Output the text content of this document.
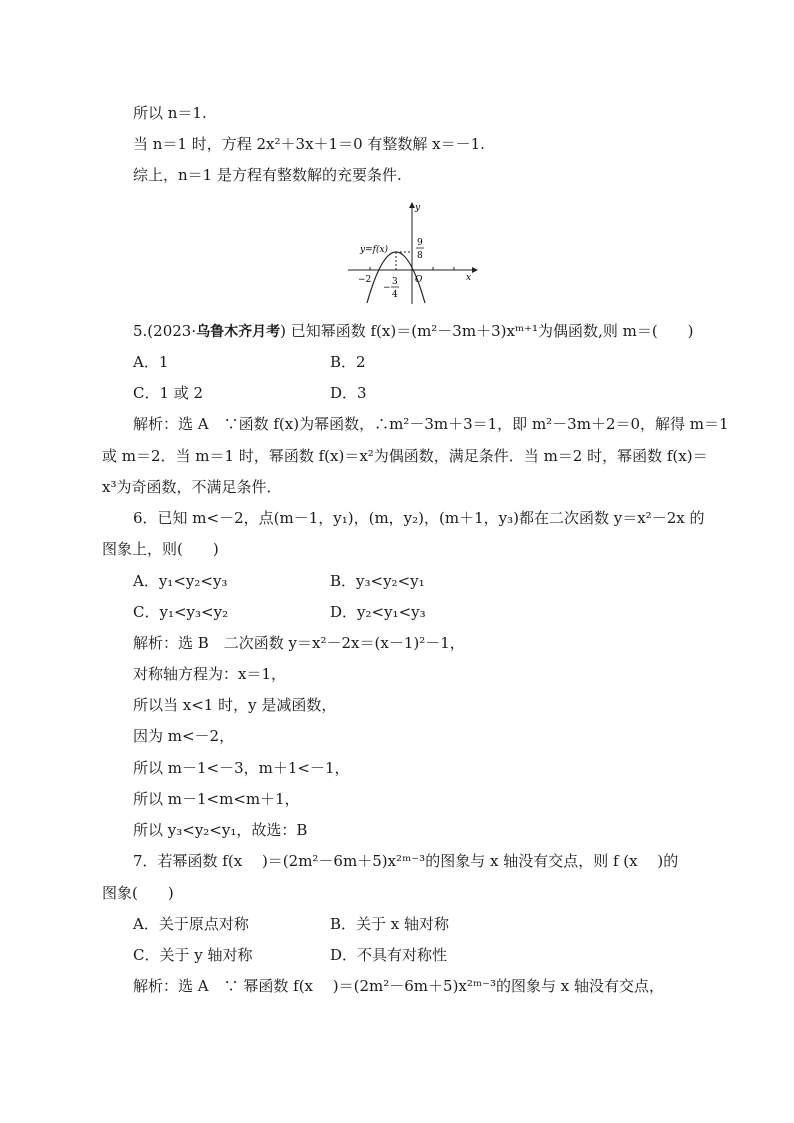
所以 n＝1.
当 n＝1 时，方程 2x²＋3x＋1＝0 有整数解 x＝－1.
综上，n＝1 是方程有整数解的充要条件.
y=f(x)
y
x
O
−2
9
8
−
3
4
5.(2023·乌鲁木齐月考) 已知幂函数 f(x)＝(m²－3m＋3)xᵐ⁺¹为偶函数,则 m＝(　　)
A．1	B．2
C．1 或 2	D．3
解析：选 A　∵函数 f(x)为幂函数，∴m²－3m＋3＝1，即 m²－3m＋2＝0，解得 m＝1
或 m＝2．当 m＝1 时，幂函数 f(x)＝x²为偶函数，满足条件．当 m＝2 时，幂函数 f(x)＝
x³为奇函数，不满足条件．
6．已知 m<－2，点(m－1，y₁)，(m，y₂)，(m＋1，y₃)都在二次函数 y＝x²－2x 的
图象上，则(　　)
A．y₁<y₂<y₃	B．y₃<y₂<y₁
C．y₁<y₃<y₂	D．y₂<y₁<y₃
解析：选 B　二次函数 y＝x²－2x＝(x－1)²－1，
对称轴方程为：x＝1，
所以当 x<1 时，y 是减函数，
因为 m<－2，
所以 m－1<－3，m＋1<－1，
所以 m－1<m<m＋1，
所以 y₃<y₂<y₁，故选：B
7．若幂函数 f(x　 )＝(2m²－6m＋5)x²ᵐ⁻³的图象与 x 轴没有交点，则 f (x　 )的
图象(　　)
A．关于原点对称	B．关于 x 轴对称
C．关于 y 轴对称	D．不具有对称性
解析：选 A　∵ 幂函数 f(x　 )＝(2m²－6m＋5)x²ᵐ⁻³的图象与 x 轴没有交点，
